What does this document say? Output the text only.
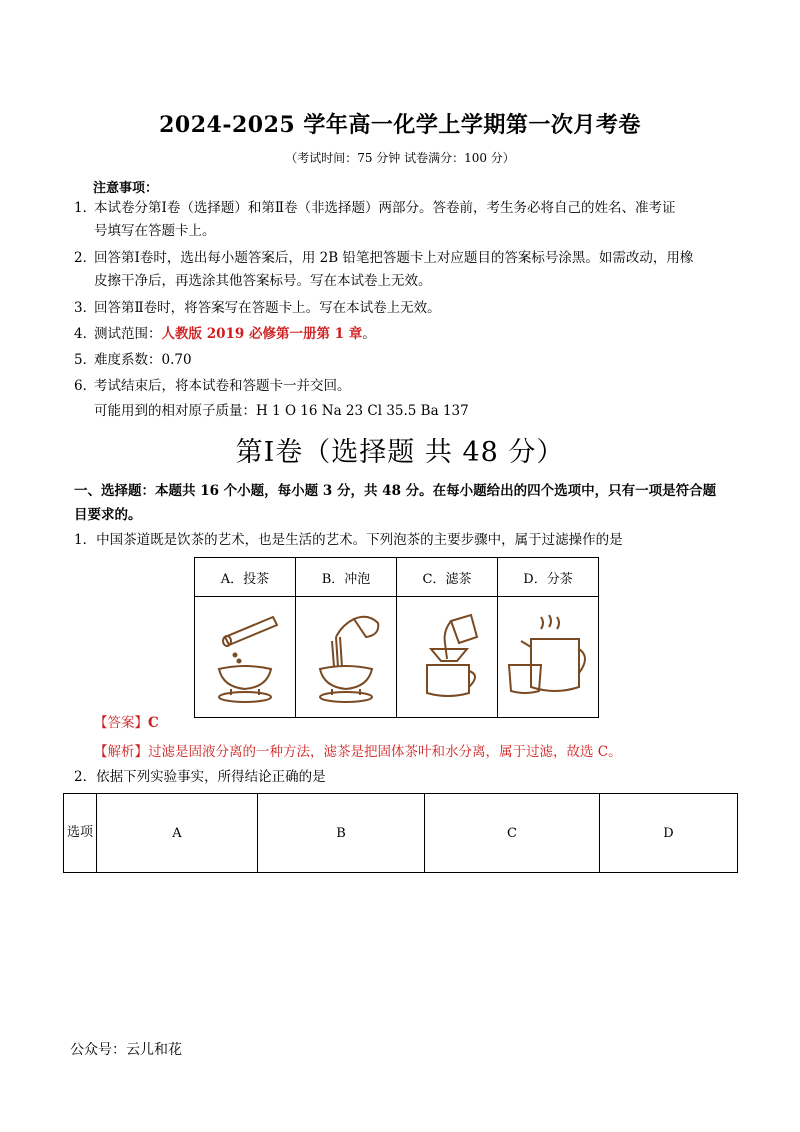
2024-2025 学年高一化学上学期第一次月考卷
（考试时间：75 分钟 试卷满分：100 分）
注意事项：
1．本试卷分第Ⅰ卷（选择题）和第Ⅱ卷（非选择题）两部分。答卷前，考生务必将自己的姓名、准考证
号填写在答题卡上。
2．回答第Ⅰ卷时，选出每小题答案后，用 2B 铅笔把答题卡上对应题目的答案标号涂黑。如需改动，用橡
皮擦干净后，再选涂其他答案标号。写在本试卷上无效。
3．回答第Ⅱ卷时，将答案写在答题卡上。写在本试卷上无效。
4．测试范围：人教版 2019 必修第一册第 1 章。
5．难度系数：0.70
6．考试结束后，将本试卷和答题卡一并交回。
可能用到的相对原子质量：H 1 O 16 Na 23 Cl 35.5 Ba 137
第Ⅰ卷（选择题 共 48 分）
一、选择题：本题共 16 个小题，每小题 3 分，共 48 分。在每小题给出的四个选项中，只有一项是符合题
目要求的。
1．中国茶道既是饮茶的艺术，也是生活的艺术。下列泡茶的主要步骤中，属于过滤操作的是
A．投茶	B．冲泡	C．滤茶	D．分茶

【答案】C
【解析】过滤是固液分离的一种方法，滤茶是把固体茶叶和水分离，属于过滤，故选 C。
2．依据下列实验事实，所得结论正确的是
选项	A	B	C	D
公众号：云儿和花
